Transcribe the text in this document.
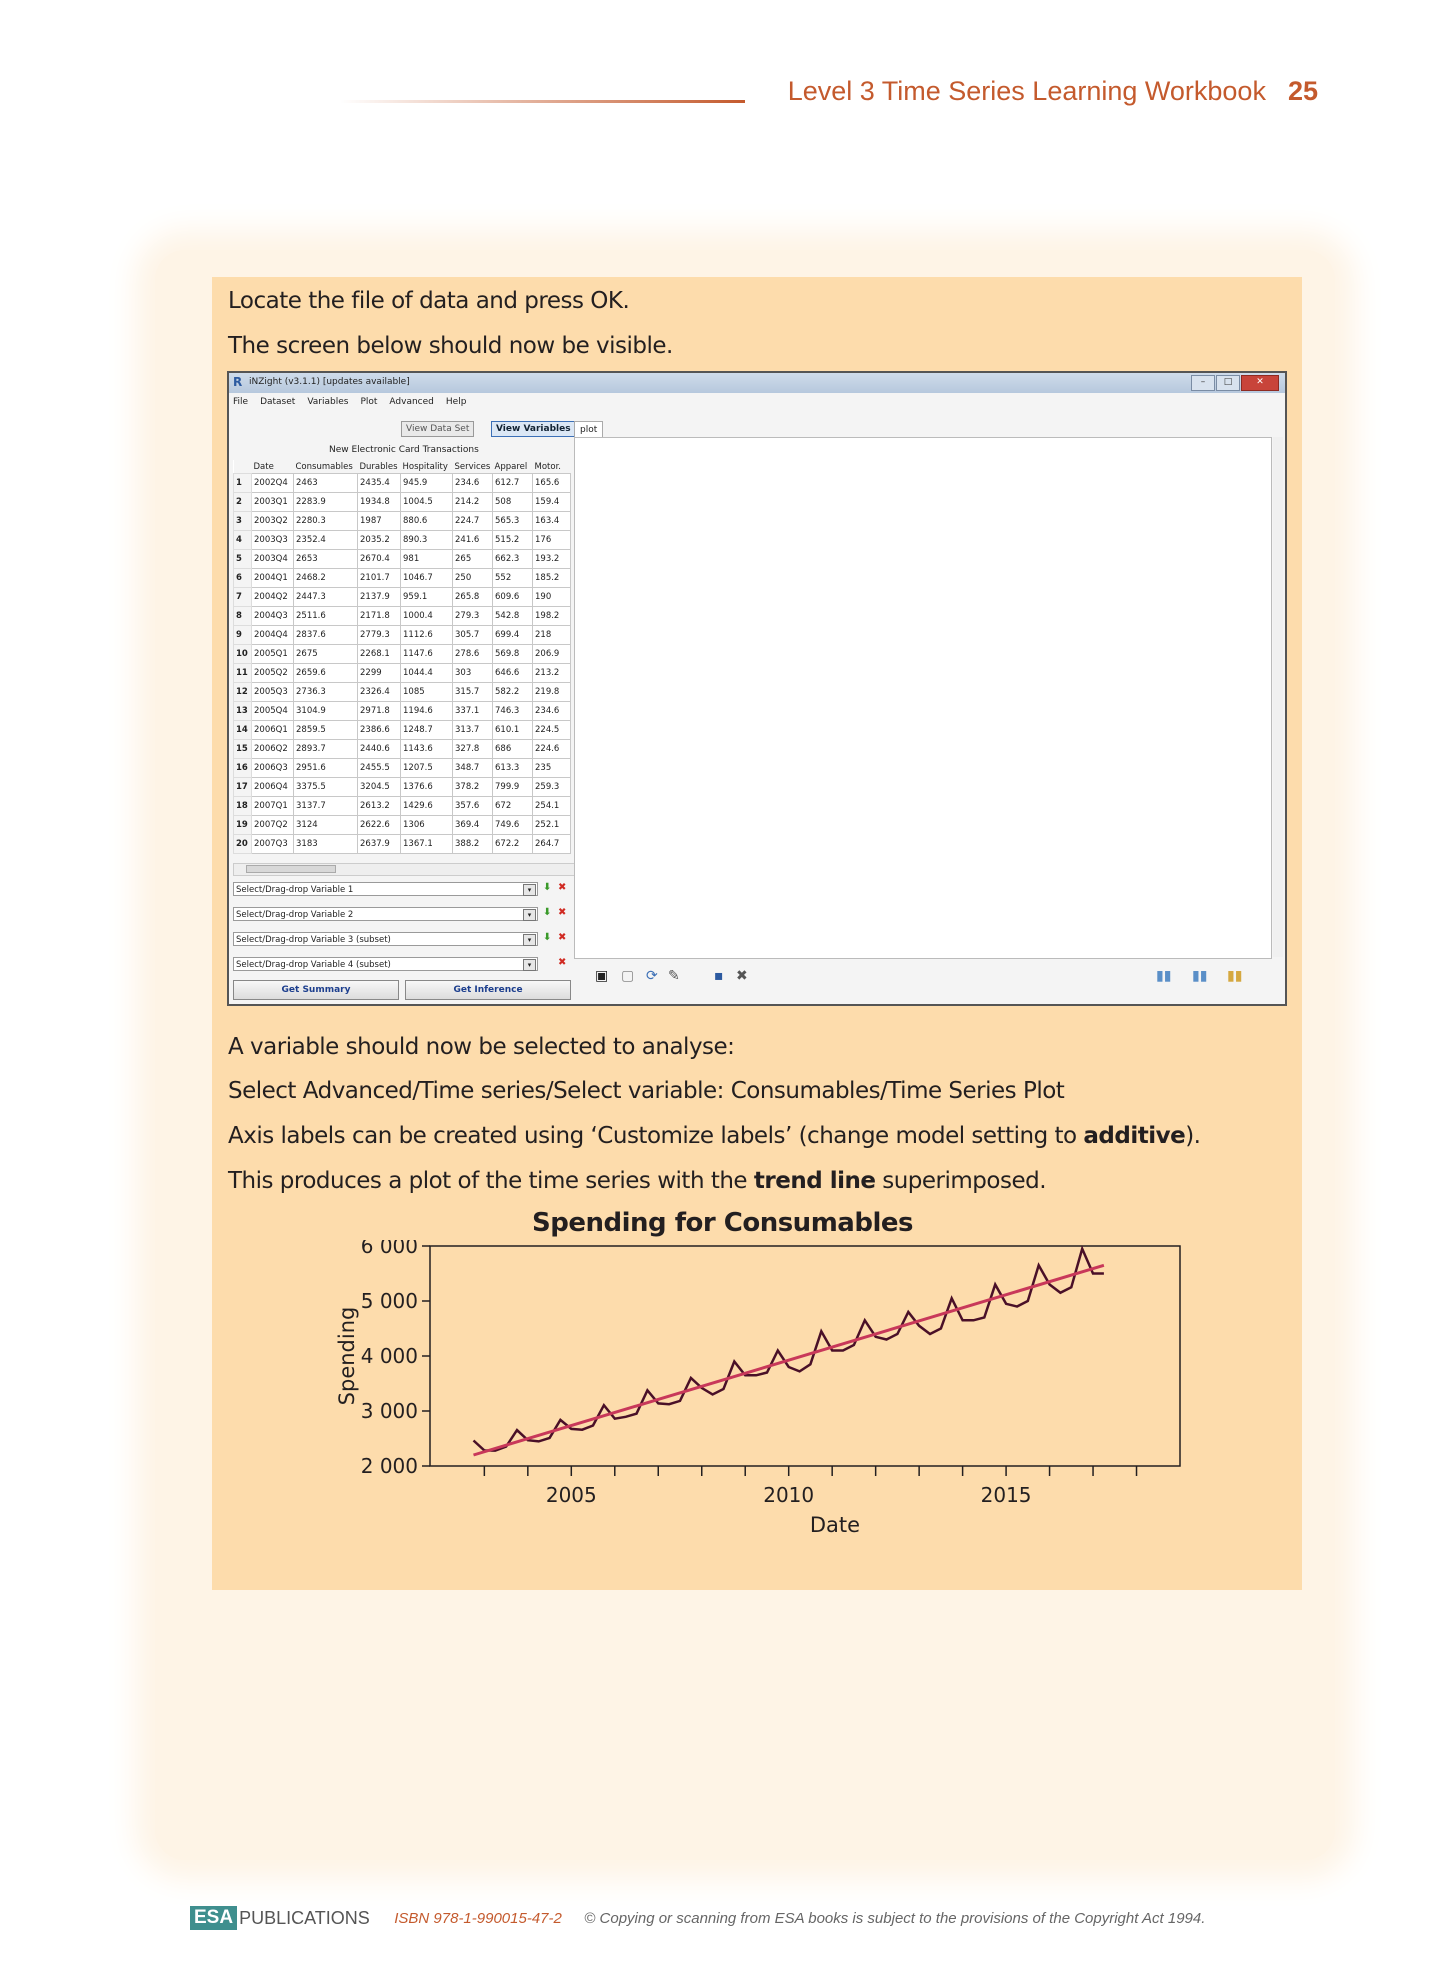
Level 3 Time Series Learning Workbook 25
Locate the file of data and press OK.
The screen below should now be visible.
R iNZight (v3.1.1) [updates available]	–	□	✕
File Dataset Variables Plot Advanced Help
View Data Set	View Variables
New Electronic Card Transactions
	Date	Consumables	Durables	Hospitality	Services	Apparel	Motor.
1	2002Q4	2463	2435.4	945.9	234.6	612.7	165.6
2	2003Q1	2283.9	1934.8	1004.5	214.2	508	159.4
3	2003Q2	2280.3	1987	880.6	224.7	565.3	163.4
4	2003Q3	2352.4	2035.2	890.3	241.6	515.2	176
5	2003Q4	2653	2670.4	981	265	662.3	193.2
6	2004Q1	2468.2	2101.7	1046.7	250	552	185.2
7	2004Q2	2447.3	2137.9	959.1	265.8	609.6	190
8	2004Q3	2511.6	2171.8	1000.4	279.3	542.8	198.2
9	2004Q4	2837.6	2779.3	1112.6	305.7	699.4	218
10	2005Q1	2675	2268.1	1147.6	278.6	569.8	206.9
11	2005Q2	2659.6	2299	1044.4	303	646.6	213.2
12	2005Q3	2736.3	2326.4	1085	315.7	582.2	219.8
13	2005Q4	3104.9	2971.8	1194.6	337.1	746.3	234.6
14	2006Q1	2859.5	2386.6	1248.7	313.7	610.1	224.5
15	2006Q2	2893.7	2440.6	1143.6	327.8	686	224.6
16	2006Q3	2951.6	2455.5	1207.5	348.7	613.3	235
17	2006Q4	3375.5	3204.5	1376.6	378.2	799.9	259.3
18	2007Q1	3137.7	2613.2	1429.6	357.6	672	254.1
19	2007Q2	3124	2622.6	1306	369.4	749.6	252.1
20	2007Q3	3183	2637.9	1367.1	388.2	672.2	264.7
Select/Drag-drop Variable 1	▾	⬇ ✖
Select/Drag-drop Variable 2	▾	⬇ ✖
Select/Drag-drop Variable 3 (subset)	▾	⬇ ✖
Select/Drag-drop Variable 4 (subset)	▾	✖
Get Summary	Get Inference
plot
▣ ▢ ⟳ ✎ ▪ ✖	▮▮ ▮▮ ▮▮
A variable should now be selected to analyse:
Select Advanced/Time series/Select variable: Consumables/Time Series Plot
Axis labels can be created using ‘Customize labels’ (change model setting to additive).
This produces a plot of the time series with the trend line superimposed.
Spending for Consumables
2 000
3 000
4 000
5 000
6 000
2005	2010	2015
Date
Spending
ESA PUBLICATIONS ISBN 978-1-990015-47-2 © Copying or scanning from ESA books is subject to the provisions of the Copyright Act 1994.
